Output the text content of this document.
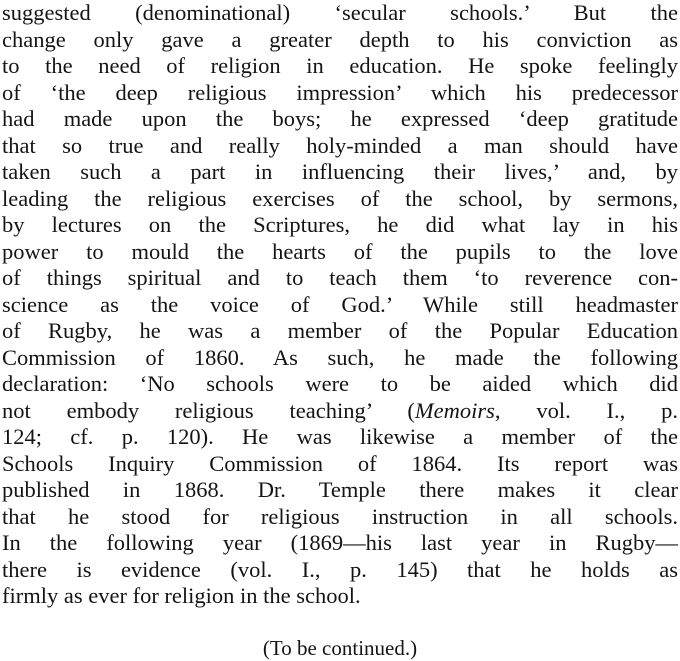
suggested (denominational) ‘secular schools.’ But the
change only gave a greater depth to his conviction as
to the need of religion in education. He spoke feelingly
of ‘the deep religious impression’ which his predecessor
had made upon the boys; he expressed ‘deep gratitude
that so true and really holy-minded a man should have
taken such a part in influencing their lives,’ and, by
leading the religious exercises of the school, by sermons,
by lectures on the Scriptures, he did what lay in his
power to mould the hearts of the pupils to the love
of things spiritual and to teach them ‘to reverence con-
science as the voice of God.’ While still headmaster
of Rugby, he was a member of the Popular Education
Commission of 1860. As such, he made the following
declaration: ‘No schools were to be aided which did
not embody religious teaching’ (Memoirs, vol. I., p.
124; cf. p. 120). He was likewise a member of the
Schools Inquiry Commission of 1864. Its report was
published in 1868. Dr. Temple there makes it clear
that he stood for religious instruction in all schools.
In the following year (1869—his last year in Rugby—
there is evidence (vol. I., p. 145) that he holds as
firmly as ever for religion in the school.
(To be continued.)
